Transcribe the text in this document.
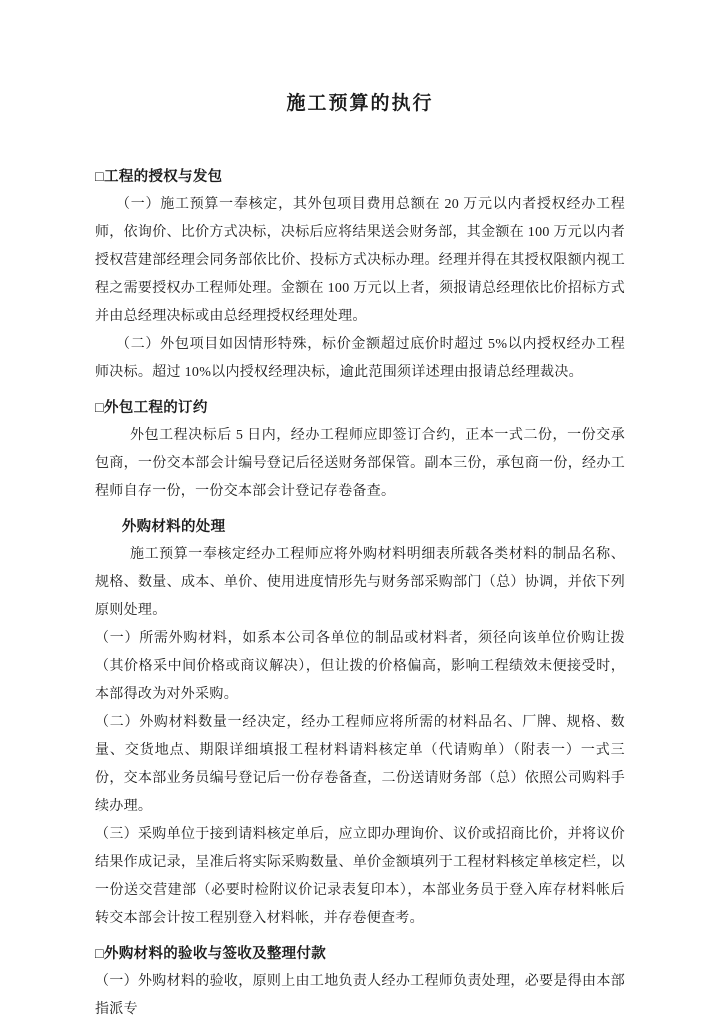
施工预算的执行
□工程的授权与发包

（一）施工预算一奉核定，其外包项目费用总额在 20 万元以内者授权经办工程师，依询价、比价方式决标，决标后应将结果送会财务部，其金额在 100 万元以内者授权营建部经理会同务部依比价、投标方式决标办理。经理并得在其授权限额内视工程之需要授权办工程师处理。金额在 100 万元以上者，须报请总经理依比价招标方式并由总经理决标或由总经理授权经理处理。

（二）外包项目如因情形特殊，标价金额超过底价时超过 5%以内授权经办工程师决标。超过 10%以内授权经理决标，逾此范围须详述理由报请总经理裁决。

□外包工程的订约

外包工程决标后 5 日内，经办工程师应即签订合约，正本一式二份，一份交承包商，一份交本部会计编号登记后径送财务部保管。副本三份，承包商一份，经办工程师自存一份，一份交本部会计登记存卷备查。

外购材料的处理

施工预算一奉核定经办工程师应将外购材料明细表所载各类材料的制品名称、规格、数量、成本、单价、使用进度情形先与财务部采购部门（总）协调，并依下列原则处理。

（一）所需外购材料，如系本公司各单位的制品或材料者，须径向该单位价购让拨（其价格采中间价格或商议解决），但让拨的价格偏高，影响工程绩效未便接受时，本部得改为对外采购。

（二）外购材料数量一经决定，经办工程师应将所需的材料品名、厂牌、规格、数量、交货地点、期限详细填报工程材料请料核定单（代请购单）（附表一）一式三份，交本部业务员编号登记后一份存卷备查，二份送请财务部（总）依照公司购料手续办理。

（三）采购单位于接到请料核定单后，应立即办理询价、议价或招商比价，并将议价结果作成记录，呈准后将实际采购数量、单价金额填列于工程材料核定单核定栏，以一份送交营建部（必要时检附议价记录表复印本），本部业务员于登入库存材料帐后转交本部会计按工程别登入材料帐，并存卷便查考。

□外购材料的验收与签收及整理付款

（一）外购材料的验收，原则上由工地负责人经办工程师负责处理，必要是得由本部指派专
